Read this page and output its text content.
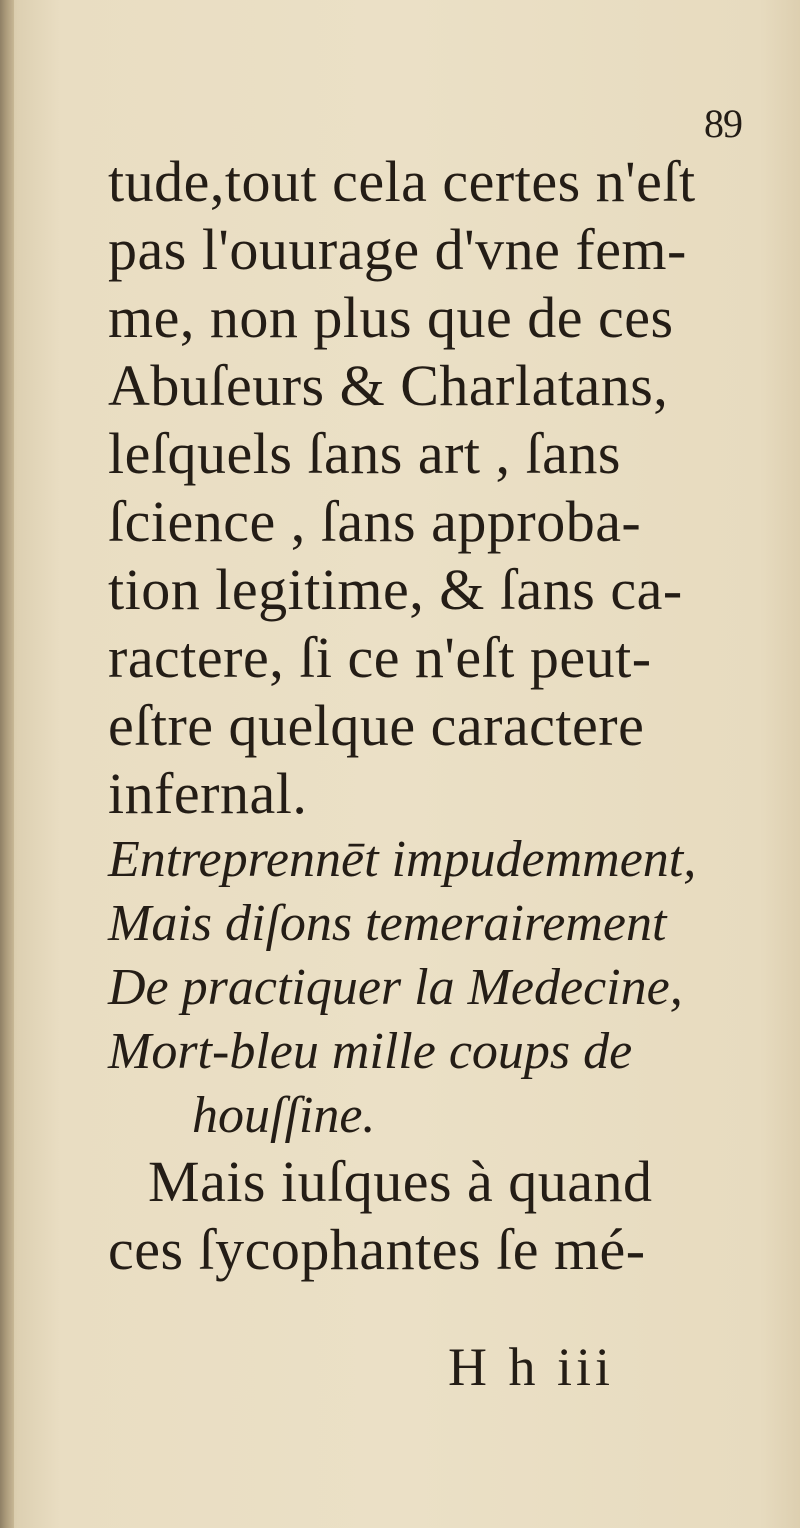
89
tude,tout cela certes n'eſt
pas l'ouurage d'vne fem-
me, non plus que de ces
Abuſeurs & Charlatans,
leſquels ſans art , ſans
ſcience , ſans approba-
tion legitime, & ſans ca-
ractere, ſi ce n'eſt peut-
eſtre quelque caractere
infernal.
Entreprennēt impudemment,
Mais diſons temerairement
De practiquer la Medecine,
Mort-bleu mille coups de
houſſine.
Mais iuſques à quand
ces ſycophantes ſe mé-
H h iii
